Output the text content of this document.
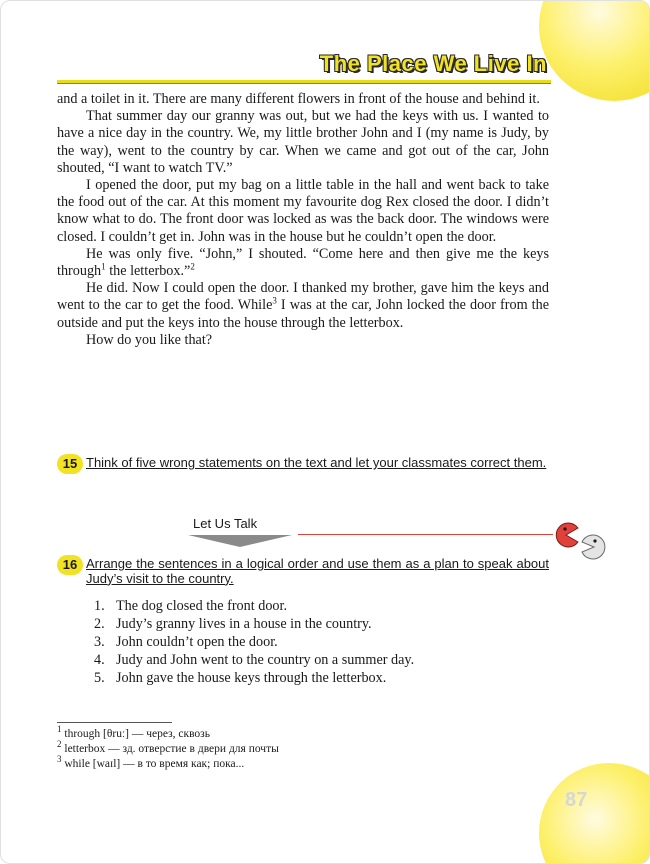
The Place We Live In

and a toilet in it. There are many different flowers in front of the house and behind it.

That summer day our granny was out, but we had the keys with us. I wanted to have a nice day in the country. We, my little brother John and I (my name is Judy, by the way), went to the country by car. When we came and got out of the car, John shouted, “I want to watch TV.”

I opened the door, put my bag on a little table in the hall and went back to take the food out of the car. At this moment my favourite dog Rex closed the door. I didn’t know what to do. The front door was locked as was the back door. The windows were closed. I couldn’t get in. John was in the house but he couldn’t open the door.

He was only five. “John,” I shouted. “Come here and then give me the keys through$^1$ the letterbox.”$^2$

He did. Now I could open the door. I thanked my brother, gave him the keys and went to the car to get the food. While$^3$ I was at the car, John locked the door from the outside and put the keys into the house through the letterbox.

How do you like that?

15 Think of five wrong statements on the text and let your classmates correct them.
Let Us Talk
16 Arrange the sentences in a logical order and use them as a plan to speak about Judy’s visit to the country.
1. The dog closed the front door.
2. Judy’s granny lives in a house in the country.
3. John couldn’t open the door.
4. Judy and John went to the country on a summer day.
5. John gave the house keys through the letterbox.
$^1$ through [θruː] — через, сквозь
$^2$ letterbox — зд. отверстие в двери для почты
$^3$ while [waɪl] — в то время как; пока...
87
